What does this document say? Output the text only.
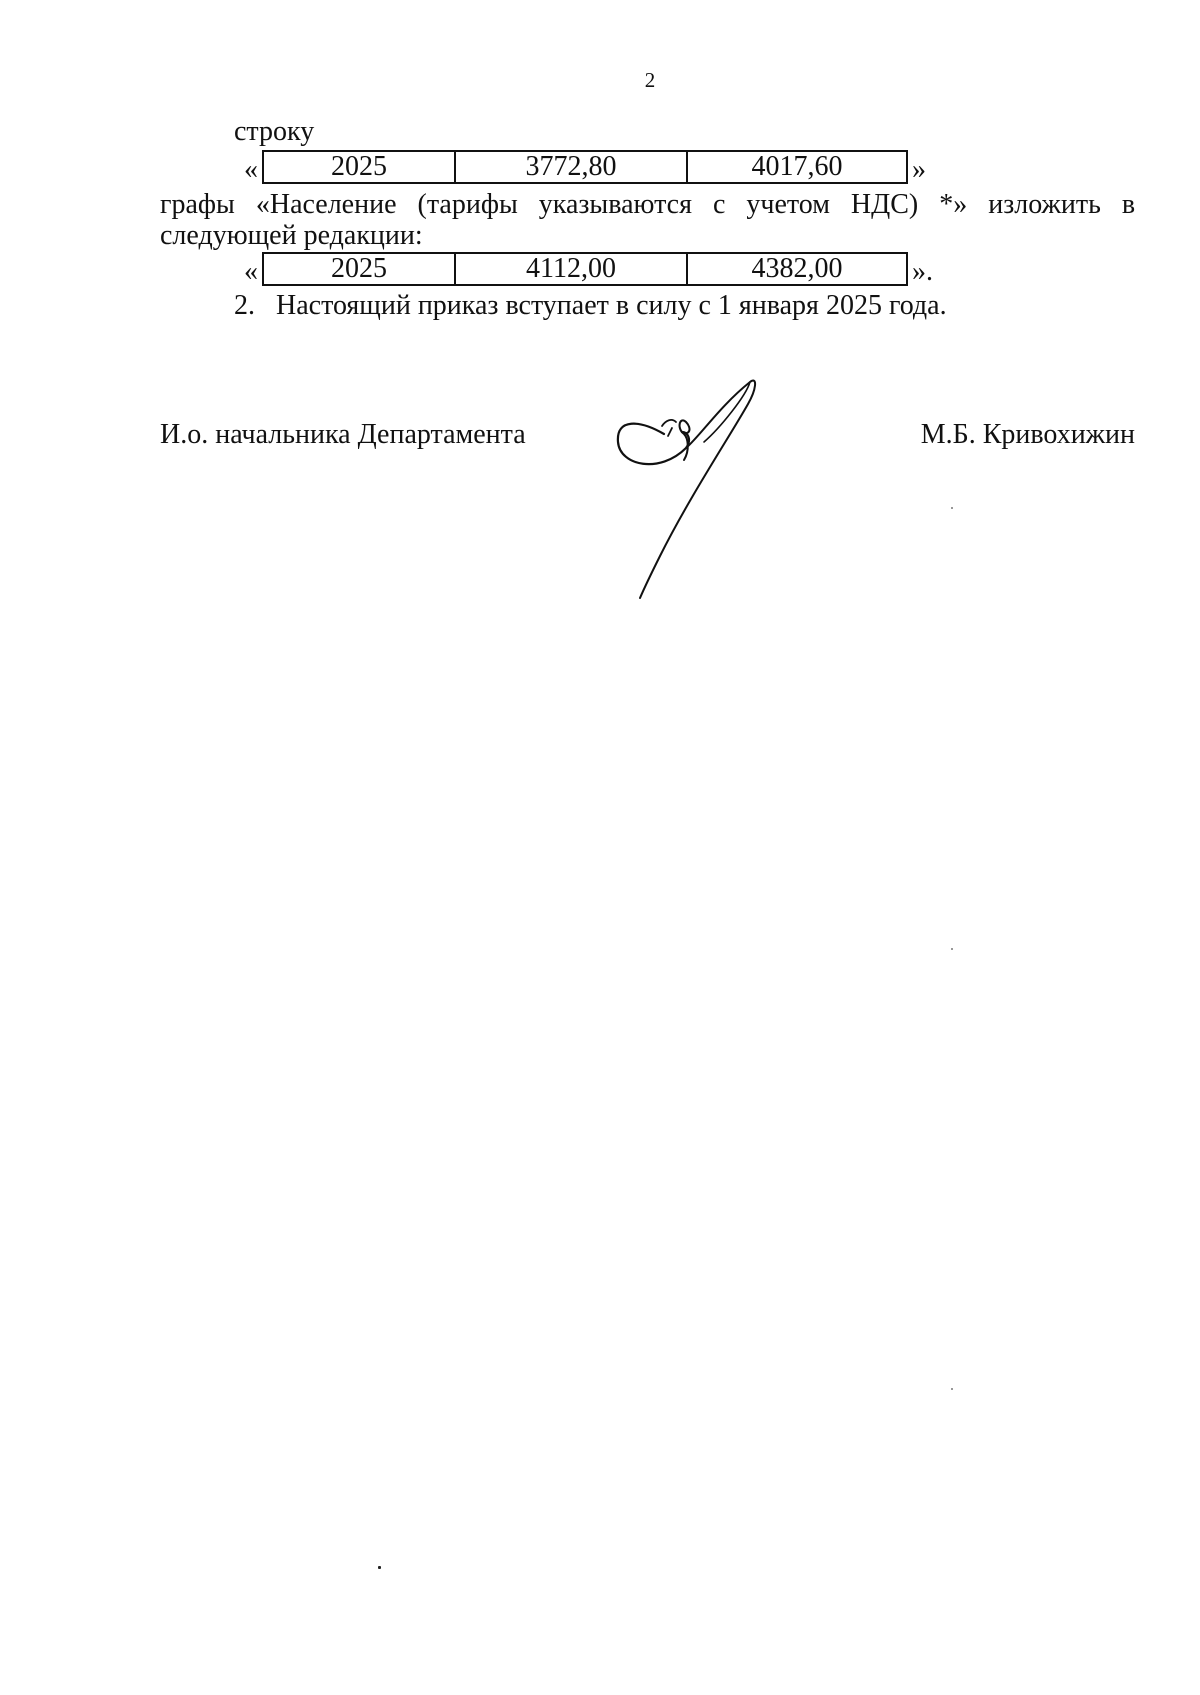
2
строку
«	2025	3772,80	4017,60 »
графы «Население (тарифы указываются с учетом НДС) *» изложить в
следующей редакции:
«	2025	4112,00	4382,00 ».
2. Настоящий приказ вступает в силу с 1 января 2025 года.
И.о. начальника Департамента	М.Б. Кривохижин
